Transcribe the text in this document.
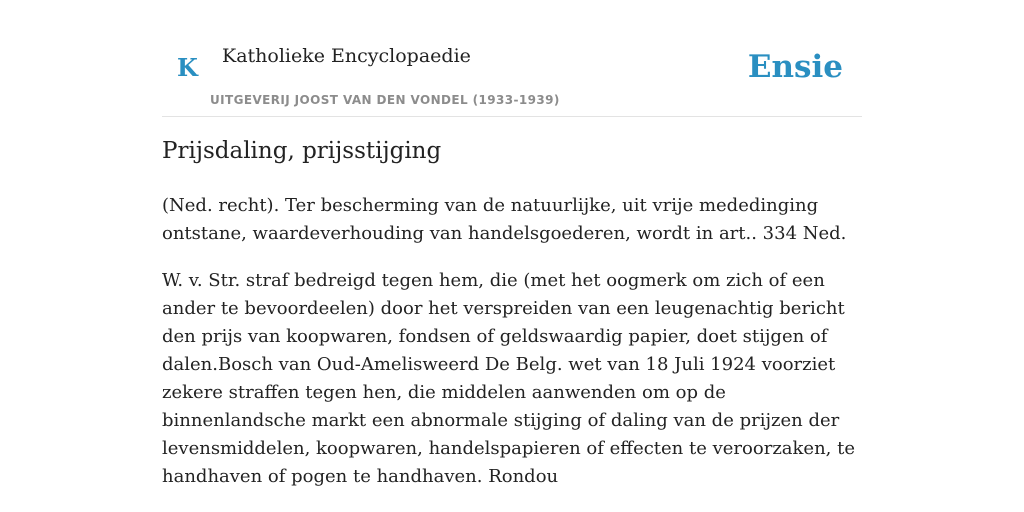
K Katholieke Encyclopaedie
UITGEVERIJ JOOST VAN DEN VONDEL (1933-1939)
Ensie
Prijsdaling, prijsstijging

(Ned. recht). Ter bescherming van de natuurlijke, uit vrije mededinging ontstane, waardeverhouding van handelsgoederen, wordt in art.. 334 Ned.

W. v. Str. straf bedreigd tegen hem, die (met het oogmerk om zich of een ander te bevoordeelen) door het verspreiden van een leugenachtig bericht den prijs van koopwaren, fondsen of geldswaardig papier, doet stijgen of dalen.Bosch van Oud-Amelisweerd De Belg. wet van 18 Juli 1924 voorziet zekere straffen tegen hen, die middelen aanwenden om op de binnenlandsche markt een abnormale stijging of daling van de prijzen der levensmiddelen, koopwaren, handelspapieren of effecten te veroorzaken, te handhaven of pogen te handhaven. Rondou
